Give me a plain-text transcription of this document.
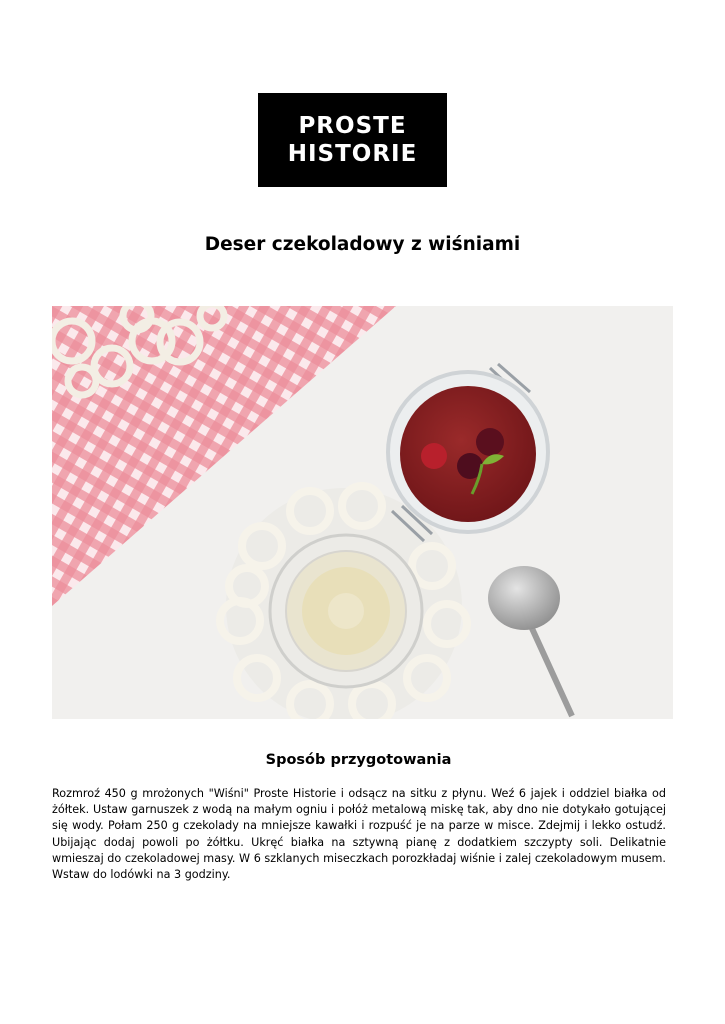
PROSTE
HISTORIE
Deser czekoladowy z wiśniami
Sposób przygotowania
Rozmroź 450 g mrożonych "Wiśni" Proste Historie i odsącz na sitku z płynu. Weź 6 jajek i oddziel białka od żółtek. Ustaw garnuszek z wodą na małym ogniu i połóż metalową miskę tak, aby dno nie dotykało gotującej się wody. Połam 250 g czekolady na mniejsze kawałki i rozpuść je na parze w misce. Zdejmij i lekko ostudź. Ubijając dodaj powoli po żółtku. Ukręć białka na sztywną pianę z dodatkiem szczypty soli. Delikatnie wmieszaj do czekoladowej masy. W 6 szklanych miseczkach porozkładaj wiśnie i zalej czekoladowym musem. Wstaw do lodówki na 3 godziny.
